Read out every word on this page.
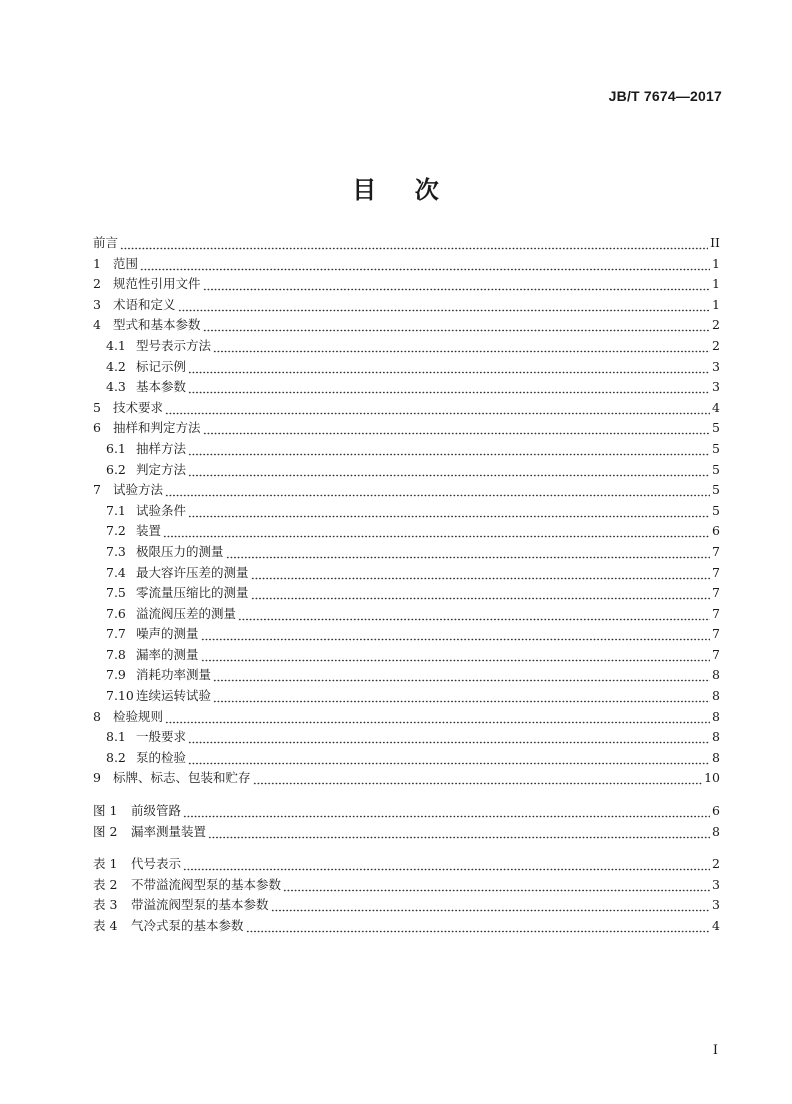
JB/T 7674—2017
目    次
前言	II
1 范围	1
2 规范性引用文件	1
3 术语和定义	1
4 型式和基本参数	2
4.1 型号表示方法	2
4.2 标记示例	3
4.3 基本参数	3
5 技术要求	4
6 抽样和判定方法	5
6.1 抽样方法	5
6.2 判定方法	5
7 试验方法	5
7.1 试验条件	5
7.2 装置	6
7.3 极限压力的测量	7
7.4 最大容许压差的测量	7
7.5 零流量压缩比的测量	7
7.6 溢流阀压差的测量	7
7.7 噪声的测量	7
7.8 漏率的测量	7
7.9 消耗功率测量	8
7.10 连续运转试验	8
8 检验规则	8
8.1 一般要求	8
8.2 泵的检验	8
9 标牌、标志、包装和贮存	10
图 1	前级管路	6
图 2	漏率测量装置	8
表 1	代号表示	2
表 2	不带溢流阀型泵的基本参数	3
表 3	带溢流阀型泵的基本参数	3
表 4	气冷式泵的基本参数	4
I
